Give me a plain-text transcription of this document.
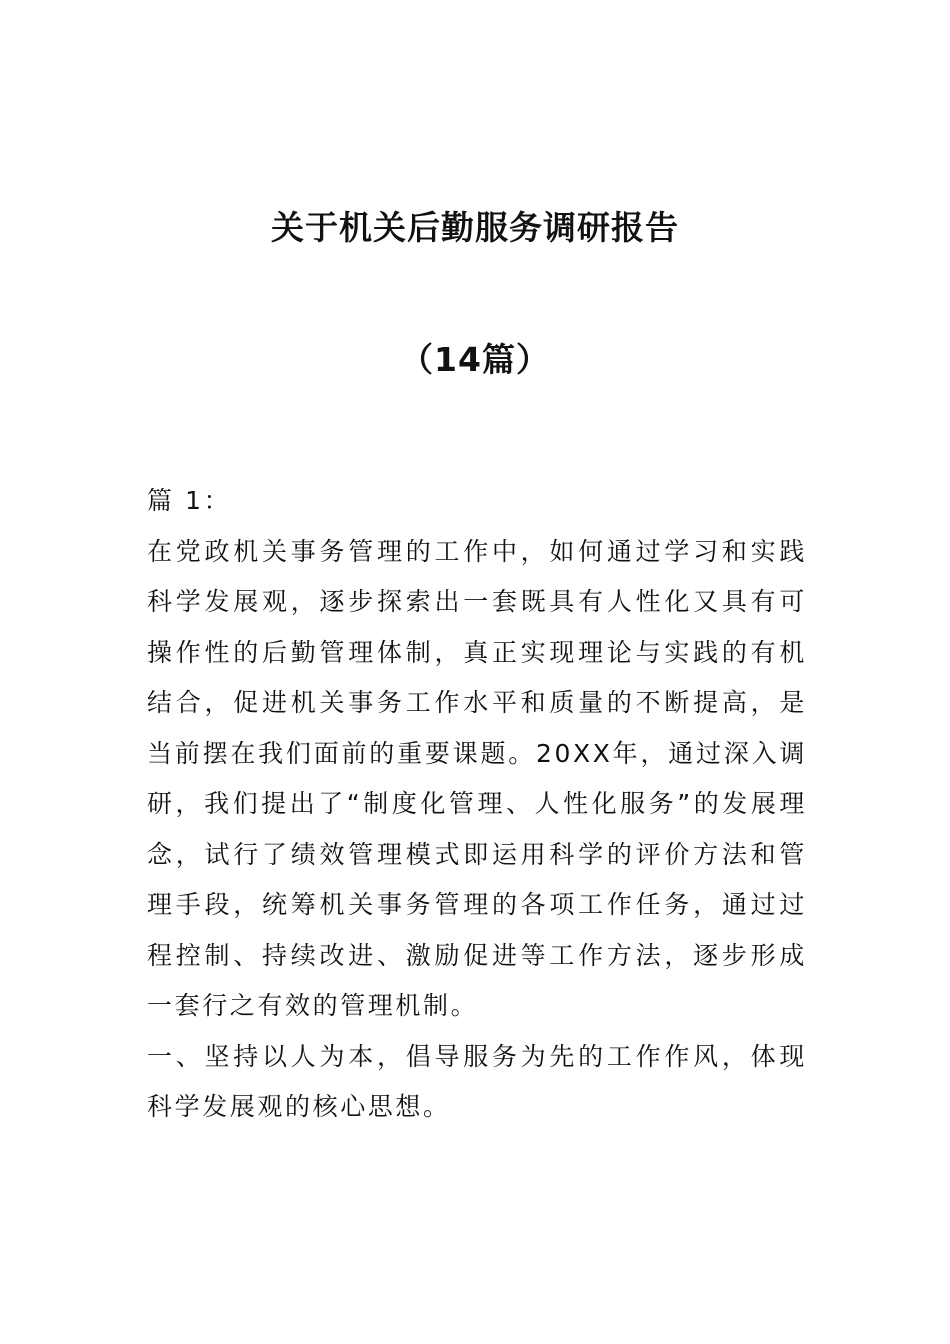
关于机关后勤服务调研报告
（14篇）

篇 1：

在党政机关事务管理的工作中，如何通过学习和实践科学发展观，逐步探索出一套既具有人性化又具有可操作性的后勤管理体制，真正实现理论与实践的有机结合，促进机关事务工作水平和质量的不断提高，是当前摆在我们面前的重要课题。20XX年，通过深入调研，我们提出了“制度化管理、人性化服务”的发展理念，试行了绩效管理模式即运用科学的评价方法和管理手段，统筹机关事务管理的各项工作任务，通过过程控制、持续改进、激励促进等工作方法，逐步形成一套行之有效的管理机制。

一、坚持以人为本，倡导服务为先的工作作风，体现科学发展观的核心思想。
